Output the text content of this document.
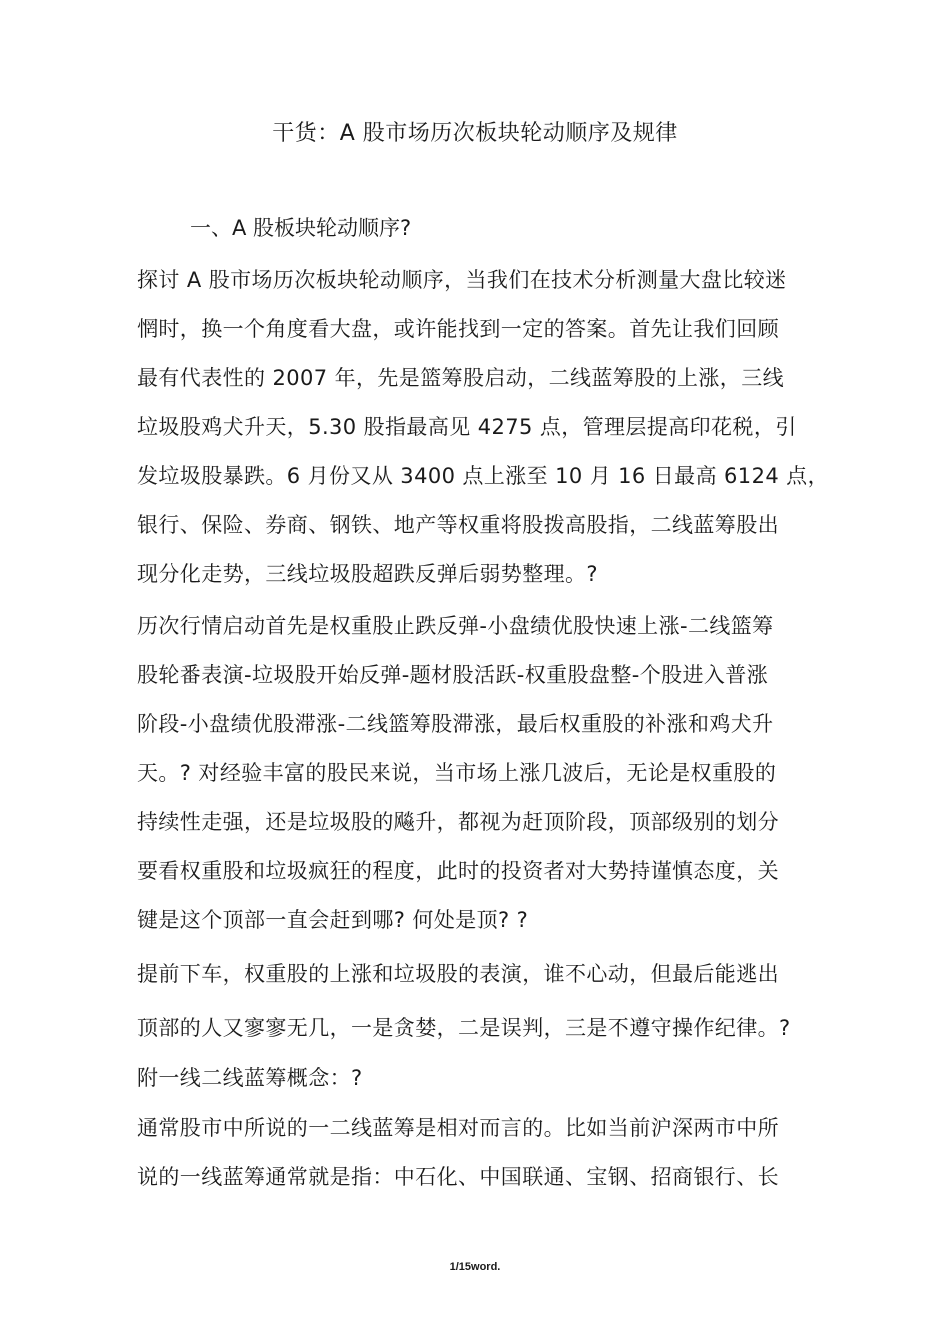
干货：A 股市场历次板块轮动顺序及规律
一、A 股板块轮动顺序?
探讨 A 股市场历次板块轮动顺序，当我们在技术分析测量大盘比较迷
惘时，换一个角度看大盘，或许能找到一定的答案。首先让我们回顾
最有代表性的 2007 年，先是篮筹股启动，二线蓝筹股的上涨，三线
垃圾股鸡犬升天，5.30 股指最高见 4275 点，管理层提高印花税，引
发垃圾股暴跌。6 月份又从 3400 点上涨至 10 月 16 日最高 6124 点，
银行、保险、券商、钢铁、地产等权重将股拨高股指，二线蓝筹股出
现分化走势，三线垃圾股超跌反弹后弱势整理。?
历次行情启动首先是权重股止跌反弹-小盘绩优股快速上涨-二线篮筹
股轮番表演-垃圾股开始反弹-题材股活跃-权重股盘整-个股进入普涨
阶段-小盘绩优股滞涨-二线篮筹股滞涨，最后权重股的补涨和鸡犬升
天。? 对经验丰富的股民来说，当市场上涨几波后，无论是权重股的
持续性走强，还是垃圾股的飚升，都视为赶顶阶段，顶部级别的划分
要看权重股和垃圾疯狂的程度，此时的投资者对大势持谨慎态度，关
键是这个顶部一直会赶到哪? 何处是顶? ?
提前下车，权重股的上涨和垃圾股的表演，谁不心动，但最后能逃出
顶部的人又寥寥无几，一是贪婪，二是误判，三是不遵守操作纪律。?
附一线二线蓝筹概念：?
通常股市中所说的一二线蓝筹是相对而言的。比如当前沪深两市中所
说的一线蓝筹通常就是指：中石化、中国联通、宝钢、招商银行、长
1/15word.
